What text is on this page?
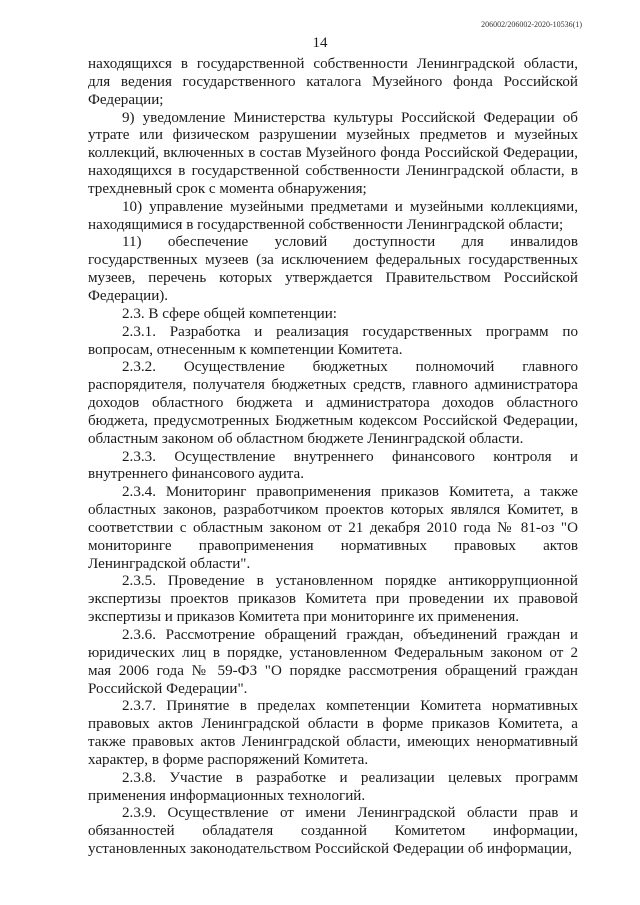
206002/206002-2020-10536(1)
14

находящихся в государственной собственности Ленинградской области, для ведения государственного каталога Музейного фонда Российской Федерации;

9) уведомление Министерства культуры Российской Федерации об утрате или физическом разрушении музейных предметов и музейных коллекций, включенных в состав Музейного фонда Российской Федерации, находящихся в государственной собственности Ленинградской области, в трехдневный срок с момента обнаружения;

10) управление музейными предметами и музейными коллекциями, находящимися в государственной собственности Ленинградской области;

11) обеспечение условий доступности для инвалидов государственных музеев (за исключением федеральных государственных музеев, перечень которых утверждается Правительством Российской Федерации).

2.3. В сфере общей компетенции:

2.3.1. Разработка и реализация государственных программ по вопросам, отнесенным к компетенции Комитета.

2.3.2. Осуществление бюджетных полномочий главного распорядителя, получателя бюджетных средств, главного администратора доходов областного бюджета и администратора доходов областного бюджета, предусмотренных Бюджетным кодексом Российской Федерации, областным законом об областном бюджете Ленинградской области.

2.3.3. Осуществление внутреннего финансового контроля и внутреннего финансового аудита.

2.3.4. Мониторинг правоприменения приказов Комитета, а также областных законов, разработчиком проектов которых являлся Комитет, в соответствии с областным законом от 21 декабря 2010 года № 81-оз "О мониторинге правоприменения нормативных правовых актов Ленинградской области".

2.3.5. Проведение в установленном порядке антикоррупционной экспертизы проектов приказов Комитета при проведении их правовой экспертизы и приказов Комитета при мониторинге их применения.

2.3.6. Рассмотрение обращений граждан, объединений граждан и юридических лиц в порядке, установленном Федеральным законом от 2 мая 2006 года № 59-ФЗ "О порядке рассмотрения обращений граждан Российской Федерации".

2.3.7. Принятие в пределах компетенции Комитета нормативных правовых актов Ленинградской области в форме приказов Комитета, а также правовых актов Ленинградской области, имеющих ненормативный характер, в форме распоряжений Комитета.

2.3.8. Участие в разработке и реализации целевых программ применения информационных технологий.

2.3.9. Осуществление от имени Ленинградской области прав и обязанностей обладателя созданной Комитетом информации, установленных законодательством Российской Федерации об информации,
